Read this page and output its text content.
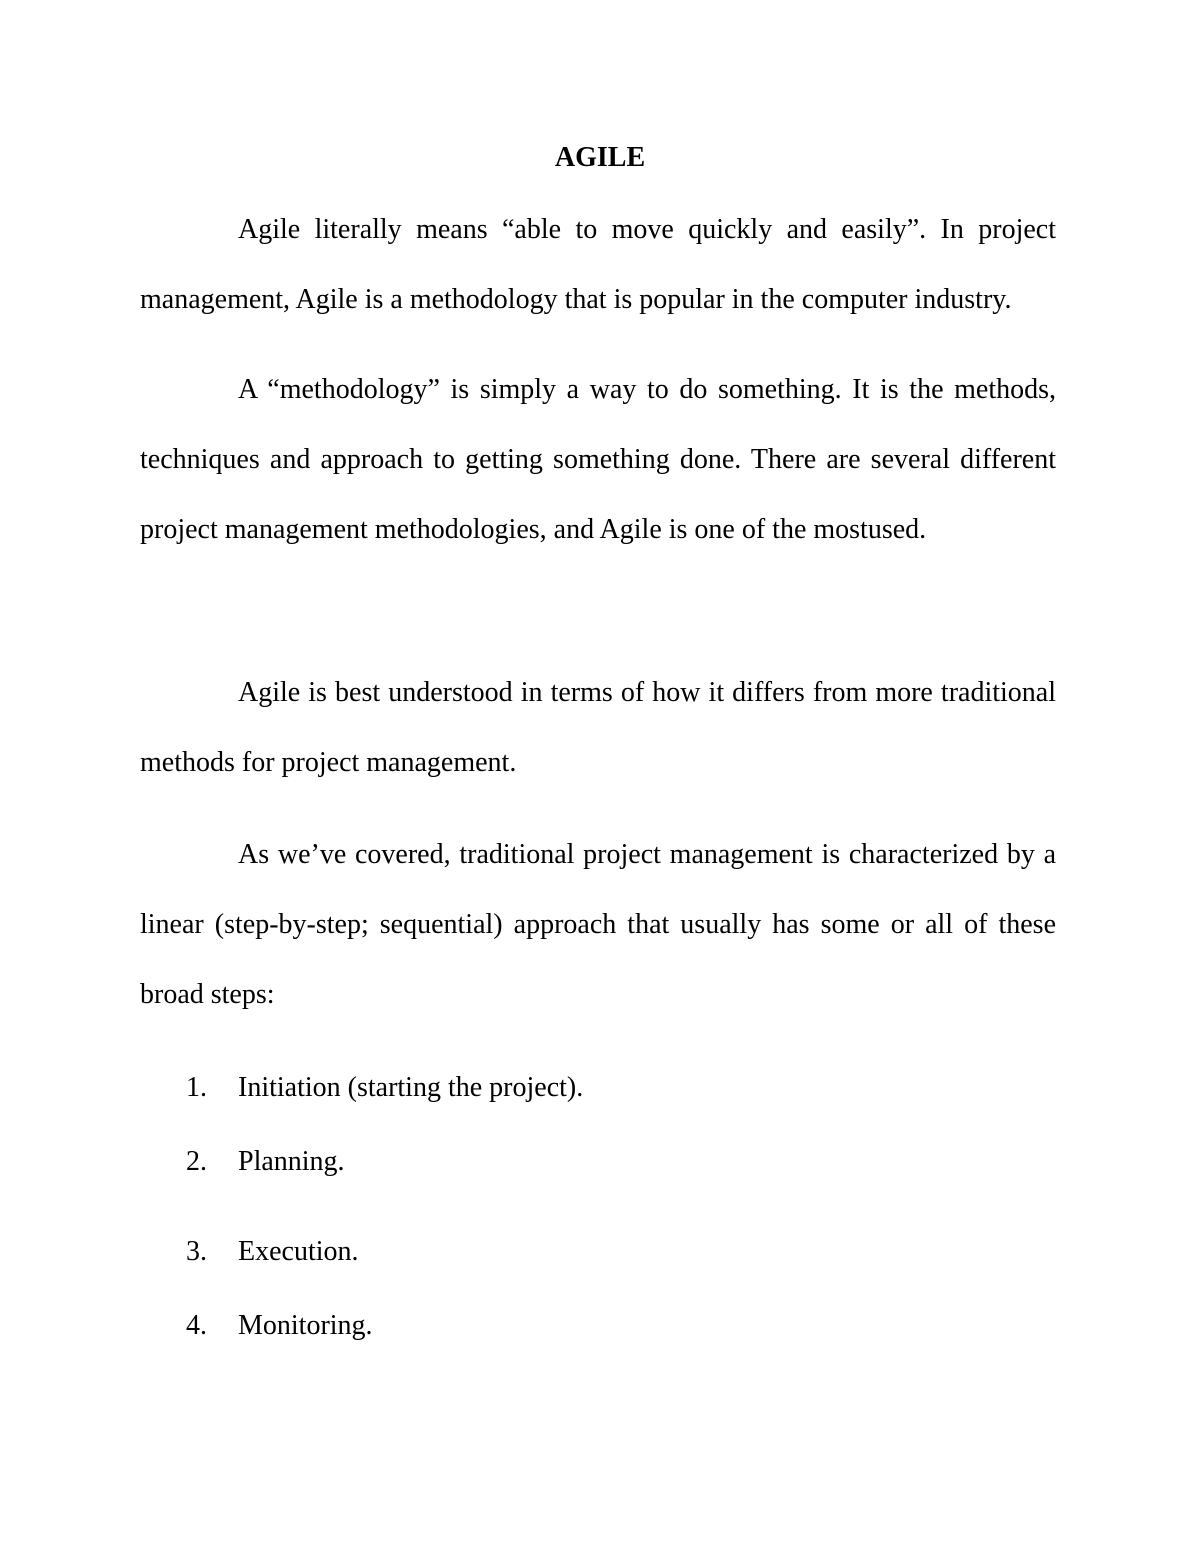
AGILE

Agile literally means “able to move quickly and easily”. In project management, Agile is a methodology that is popular in the computer industry.

A “methodology” is simply a way to do something. It is the methods, techniques and approach to getting something done. There are several different project management methodologies, and Agile is one of the mostused.

Agile is best understood in terms of how it differs from more traditional methods for project management.

As we’ve covered, traditional project management is characterized by a linear (step-by-step; sequential) approach that usually has some or all of these broad steps:

1. Initiation (starting the project).
2. Planning.
3. Execution.
4. Monitoring.
